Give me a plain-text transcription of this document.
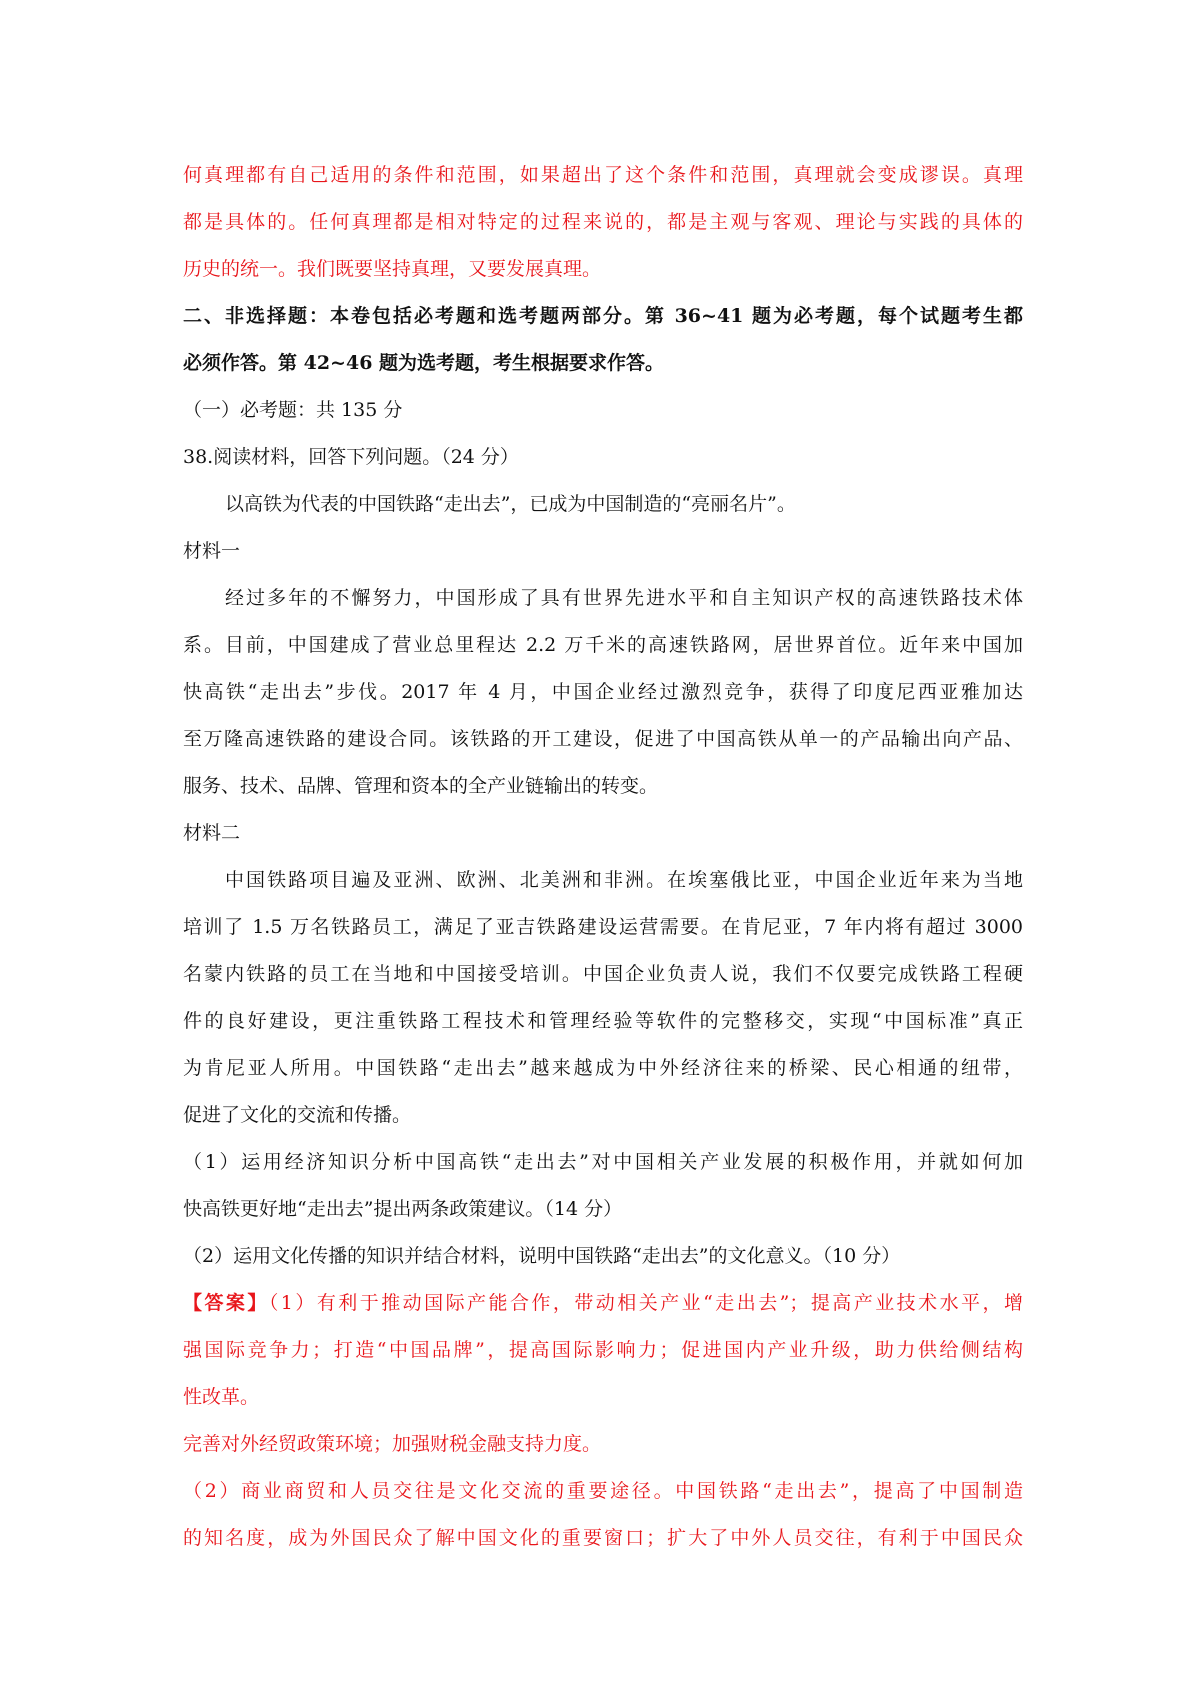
何真理都有自己适用的条件和范围，如果超出了这个条件和范围，真理就会变成谬误。真理
都是具体的。任何真理都是相对特定的过程来说的，都是主观与客观、理论与实践的具体的
历史的统一。我们既要坚持真理，又要发展真理。
二、非选择题：本卷包括必考题和选考题两部分。第 36~41 题为必考题，每个试题考生都
必须作答。第 42~46 题为选考题，考生根据要求作答。
（一）必考题：共 135 分
38.阅读材料，回答下列问题。（24 分）
以高铁为代表的中国铁路“走出去”，已成为中国制造的“亮丽名片”。
材料一
经过多年的不懈努力，中国形成了具有世界先进水平和自主知识产权的高速铁路技术体
系。目前，中国建成了营业总里程达 2.2 万千米的高速铁路网，居世界首位。近年来中国加
快高铁“走出去”步伐。2017 年 4 月，中国企业经过激烈竞争，获得了印度尼西亚雅加达
至万隆高速铁路的建设合同。该铁路的开工建设，促进了中国高铁从单一的产品输出向产品、
服务、技术、品牌、管理和资本的全产业链输出的转变。
材料二
中国铁路项目遍及亚洲、欧洲、北美洲和非洲。在埃塞俄比亚，中国企业近年来为当地
培训了 1.5 万名铁路员工，满足了亚吉铁路建设运营需要。在肯尼亚，7 年内将有超过 3000
名蒙内铁路的员工在当地和中国接受培训。中国企业负责人说，我们不仅要完成铁路工程硬
件的良好建设，更注重铁路工程技术和管理经验等软件的完整移交，实现“中国标准”真正
为肯尼亚人所用。中国铁路“走出去”越来越成为中外经济往来的桥梁、民心相通的纽带，
促进了文化的交流和传播。
（1）运用经济知识分析中国高铁“走出去”对中国相关产业发展的积极作用，并就如何加
快高铁更好地“走出去”提出两条政策建议。（14 分）
（2）运用文化传播的知识并结合材料，说明中国铁路“走出去”的文化意义。（10 分）
【答案】（1）有利于推动国际产能合作，带动相关产业“走出去”；提高产业技术水平，增
强国际竞争力；打造“中国品牌”，提高国际影响力；促进国内产业升级，助力供给侧结构
性改革。
完善对外经贸政策环境；加强财税金融支持力度。
（2）商业商贸和人员交往是文化交流的重要途径。中国铁路“走出去”，提高了中国制造
的知名度，成为外国民众了解中国文化的重要窗口；扩大了中外人员交往，有利于中国民众
